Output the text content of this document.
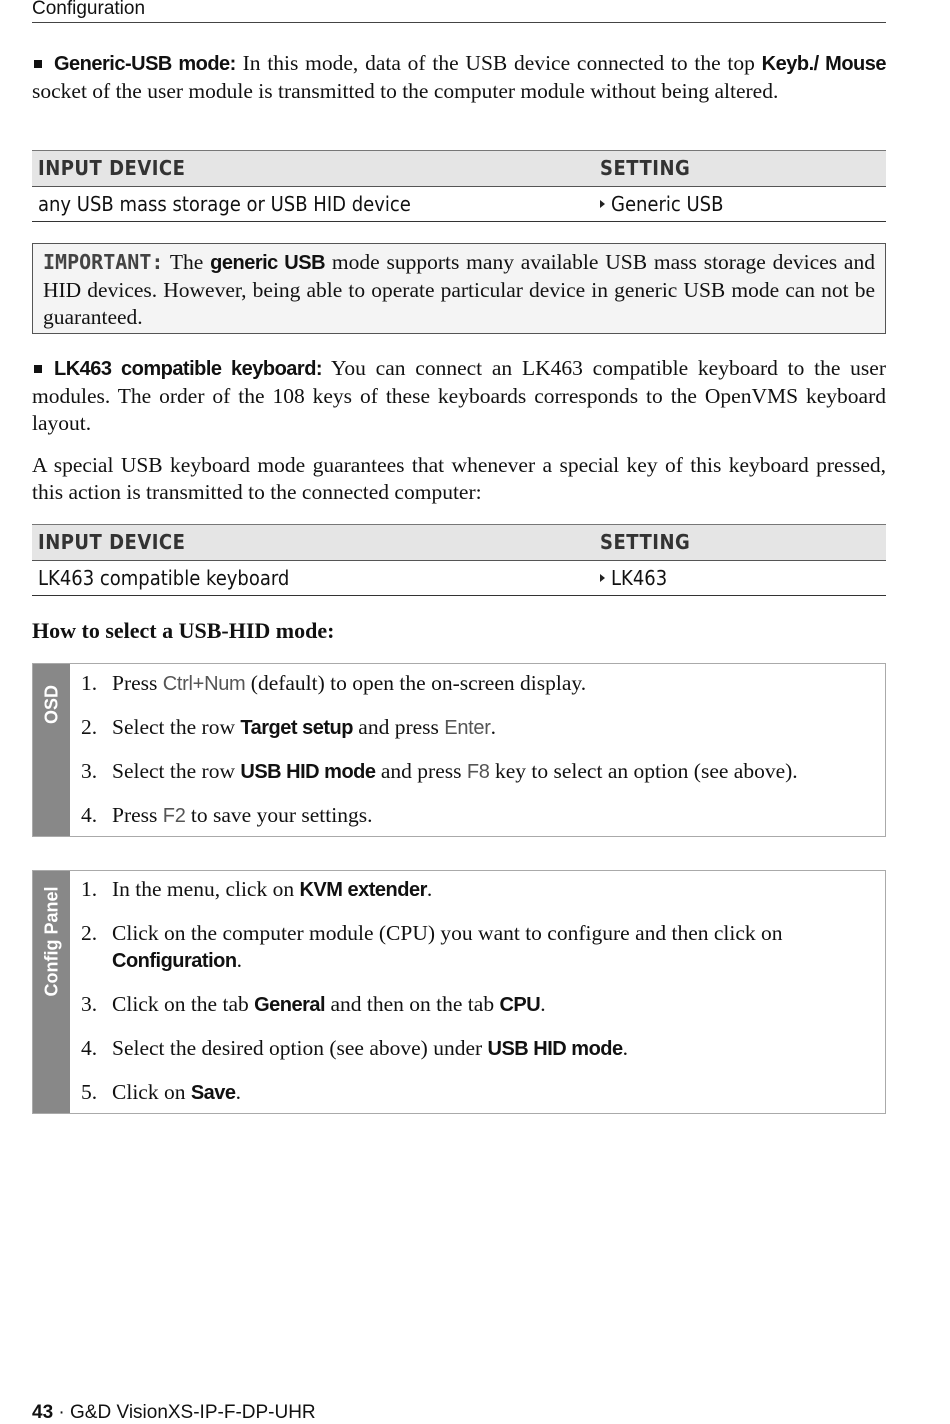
Configuration
Generic-USB mode: In this mode, data of the USB device connected to the top Keyb./ Mouse socket of the user module is transmitted to the computer module without being altered.
INPUT DEVICE	SETTING
any USB mass storage or USB HID device	Generic USB
IMPORTANT: The generic USB mode supports many available USB mass storage devices and HID devices. However, being able to operate particular device in generic USB mode can not be guaranteed.
LK463 compatible keyboard: You can connect an LK463 compatible keyboard to the user modules. The order of the 108 keys of these keyboards corresponds to the OpenVMS keyboard layout.
A special USB keyboard mode guarantees that whenever a special key of this keyboard pressed, this action is transmitted to the connected computer:
INPUT DEVICE	SETTING
LK463 compatible keyboard	LK463
How to select a USB-HID mode:
OSD
1. Press Ctrl+Num (default) to open the on-screen display.
2. Select the row Target setup and press Enter.
3. Select the row USB HID mode and press F8 key to select an option (see above).
4. Press F2 to save your settings.
Config Panel 1. In the menu, click on KVM extender.
2. Click on the computer module (CPU) you want to configure and then click on Configuration.
3. Click on the tab General and then on the tab CPU.
4. Select the desired option (see above) under USB HID mode.
5. Click on Save.
43 · G&D VisionXS-IP-F-DP-UHR
